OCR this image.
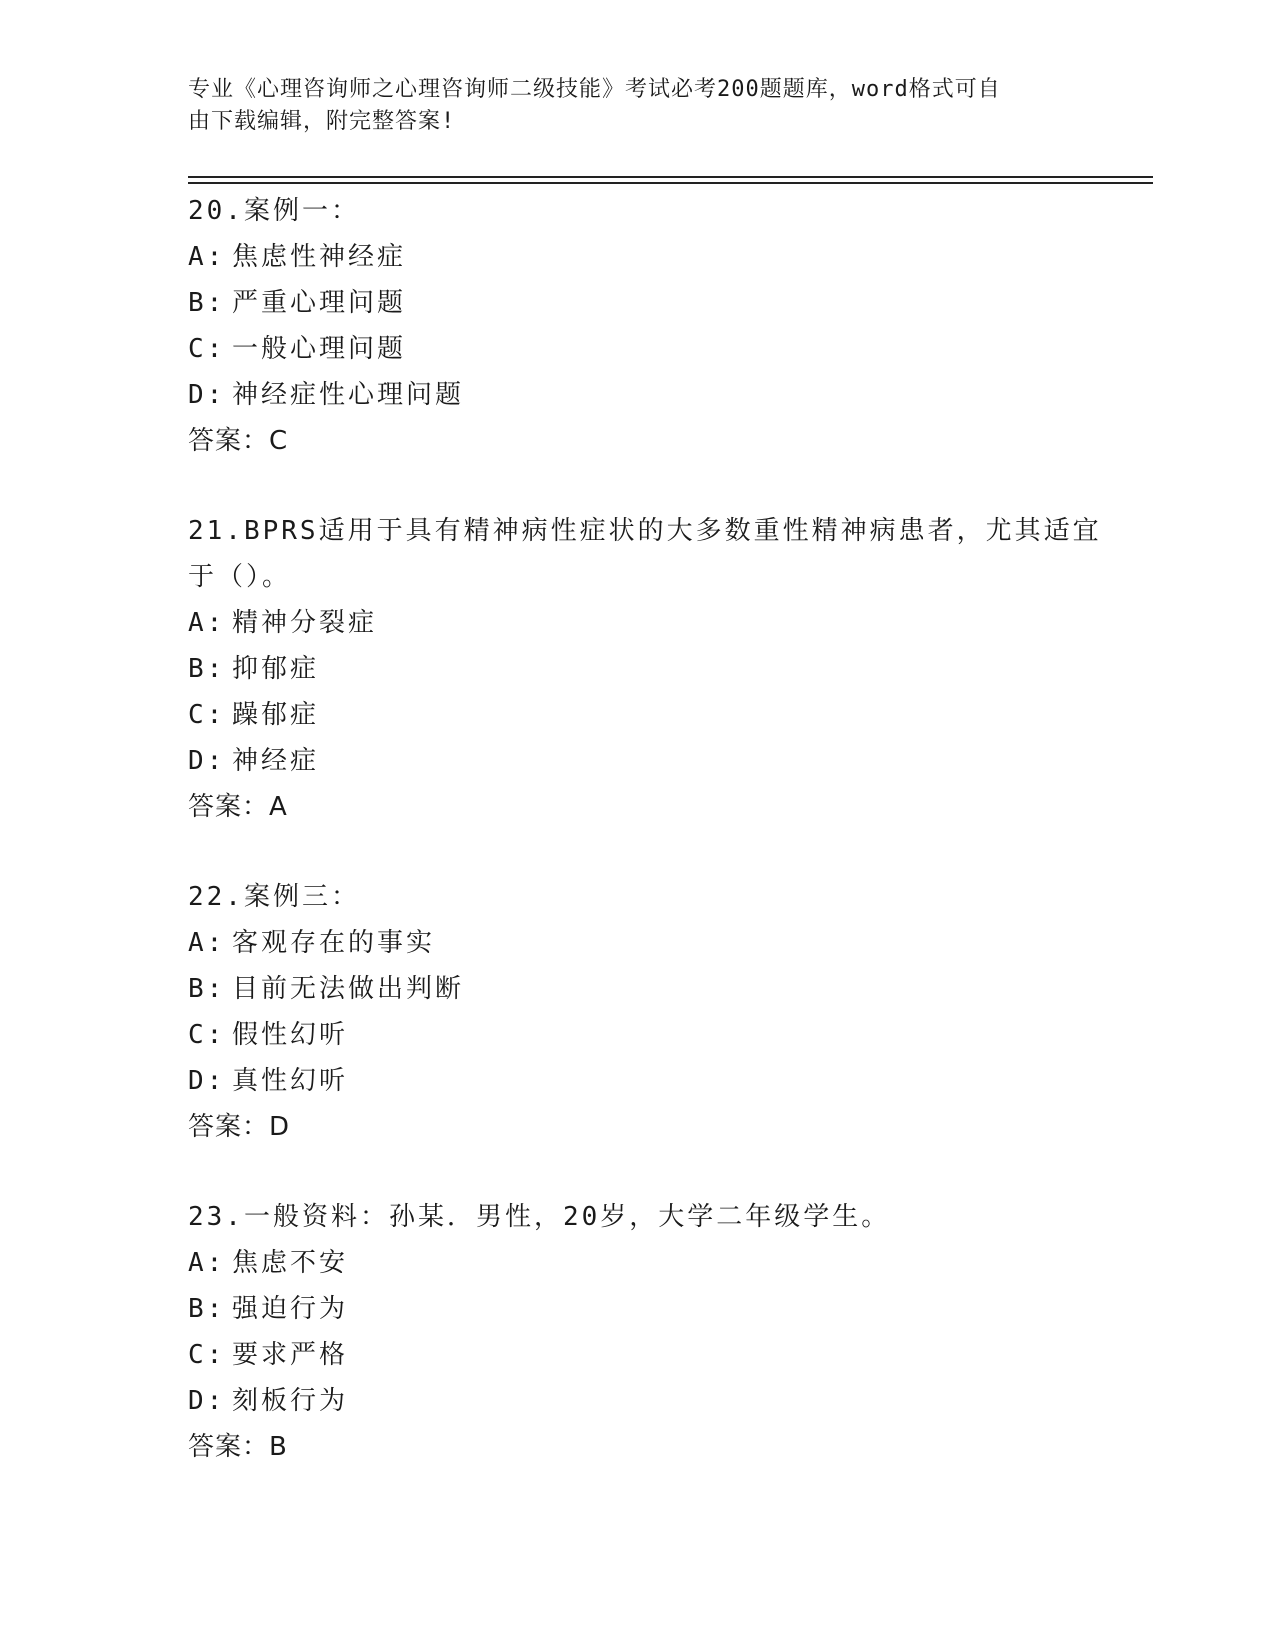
专业《心理咨询师之心理咨询师二级技能》考试必考200题题库，word格式可自
由下载编辑，附完整答案!
20.案例一：
A: 焦虑性神经症
B: 严重心理问题
C: 一般心理问题
D: 神经症性心理问题
答案：C
21.BPRS适用于具有精神病性症状的大多数重性精神病患者，尤其适宜
于（）。
A: 精神分裂症
B: 抑郁症
C: 躁郁症
D: 神经症
答案：A
22.案例三：
A: 客观存在的事实
B: 目前无法做出判断
C: 假性幻听
D: 真性幻听
答案：D
23.一般资料：孙某．男性，20岁，大学二年级学生。
A: 焦虑不安
B: 强迫行为
C: 要求严格
D: 刻板行为
答案：B
